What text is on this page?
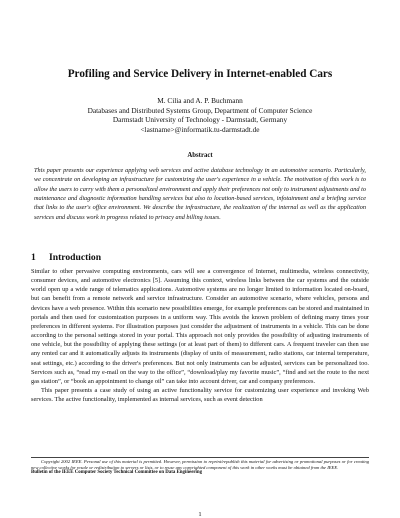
Profiling and Service Delivery in Internet-enabled Cars
M. Cilia and A. P. Buchmann
Databases and Distributed Systems Group, Department of Computer Science
Darmstadt University of Technology - Darmstadt, Germany
<lastname>@informatik.tu-darmstadt.de
Abstract
This paper presents our experience applying web services and active database technology in an automotive scenario. Particularly, we concentrate on developing an infrastructure for customizing the user's experience in a vehicle. The motivation of this work is to allow the users to carry with them a personalized environment and apply their preferences not only to instrument adjustments and to maintenance and diagnostic information handling services but also to location-based services, infotainment and a briefing service that links to the user's office environment. We describe the infrastructure, the realization of the internal as well as the application services and discuss work in progress related to privacy and billing issues.
1 Introduction

Similar to other pervasive computing environments, cars will see a convergence of Internet, multimedia, wireless connectivity, consumer devices, and automotive electronics [5]. Assuming this context, wireless links between the car systems and the outside world open up a wide range of telematics applications. Automotive systems are no longer limited to information located on-board, but can benefit from a remote network and service infrastructure. Consider an automotive scenario, where vehicles, persons and devices have a web presence. Within this scenario new possibilities emerge, for example preferences can be stored and maintained in portals and then used for customization purposes in a uniform way. This avoids the known problem of defining many times your preferences in different systems. For illustration purposes just consider the adjustment of instruments in a vehicle. This can be done according to the personal settings stored in your portal. This approach not only provides the possibility of adjusting instruments of one vehicle, but the possibility of applying these settings (or at least part of them) to different cars. A frequent traveler can then use any rented car and it automatically adjusts its instruments (display of units of measurement, radio stations, car internal temperature, seat settings, etc.) according to the driver's preferences. But not only instruments can be adjusted, services can be personalized too. Services such as, “read my e-mail on the way to the office”, “download/play my favorite music”, “find and set the route to the next gas station”, or “book an appointment to change oil” can take into account driver, car and company preferences.

This paper presents a case study of using an active functionality service for customizing user experience and invoking Web services. The active functionality, implemented as internal services, such as event detection

Copyright 2002 IEEE. Personal use of this material is permitted. However, permission to reprint/republish this material for advertising or promotional purposes or for creating new collective works for resale or redistribution to servers or lists, or to reuse any copyrighted component of this work in other works must be obtained from the IEEE.
Bulletin of the IEEE Computer Society Technical Committee on Data Engineering
1
